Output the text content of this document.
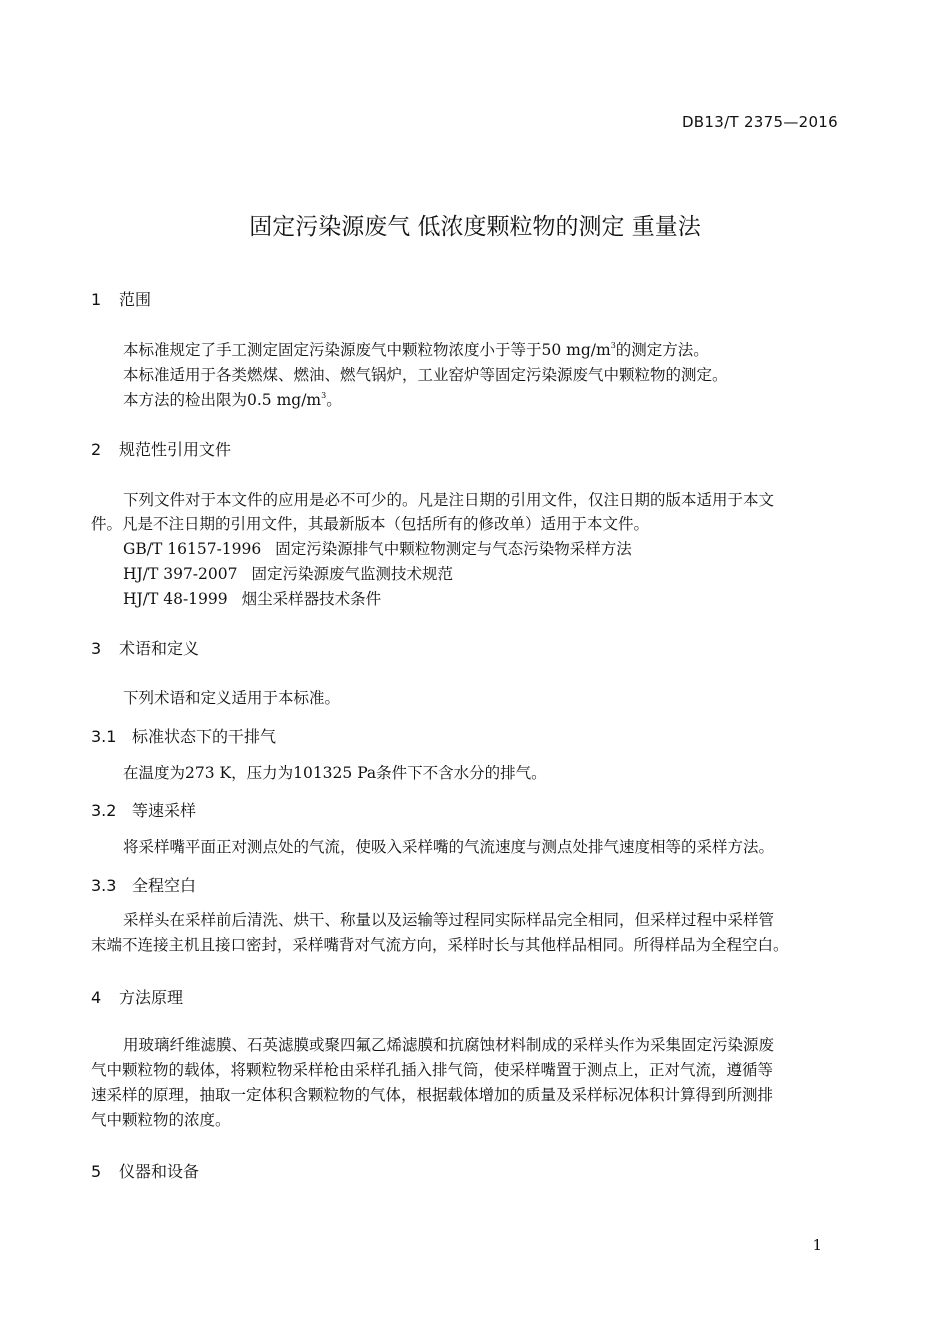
DB13/T 2375—2016
固定污染源废气 低浓度颗粒物的测定 重量法
1 范围
本标准规定了手工测定固定污染源废气中颗粒物浓度小于等于50 $mg/m^3$的测定方法。
本标准适用于各类燃煤、燃油、燃气锅炉，工业窑炉等固定污染源废气中颗粒物的测定。
本方法的检出限为0.5 $mg/m^3$。
2 规范性引用文件
下列文件对于本文件的应用是必不可少的。凡是注日期的引用文件，仅注日期的版本适用于本文
件。凡是不注日期的引用文件，其最新版本（包括所有的修改单）适用于本文件。
GB/T 16157-1996 固定污染源排气中颗粒物测定与气态污染物采样方法
HJ/T 397-2007 固定污染源废气监测技术规范
HJ/T 48-1999 烟尘采样器技术条件
3 术语和定义
下列术语和定义适用于本标准。
3.1 标准状态下的干排气
在温度为273 K，压力为101325 Pa条件下不含水分的排气。
3.2 等速采样
将采样嘴平面正对测点处的气流，使吸入采样嘴的气流速度与测点处排气速度相等的采样方法。
3.3 全程空白
采样头在采样前后清洗、烘干、称量以及运输等过程同实际样品完全相同，但采样过程中采样管
末端不连接主机且接口密封，采样嘴背对气流方向，采样时长与其他样品相同。所得样品为全程空白。
4 方法原理
用玻璃纤维滤膜、石英滤膜或聚四氟乙烯滤膜和抗腐蚀材料制成的采样头作为采集固定污染源废
气中颗粒物的载体，将颗粒物采样枪由采样孔插入排气筒，使采样嘴置于测点上，正对气流，遵循等
速采样的原理，抽取一定体积含颗粒物的气体，根据载体增加的质量及采样标况体积计算得到所测排
气中颗粒物的浓度。
5 仪器和设备
1
